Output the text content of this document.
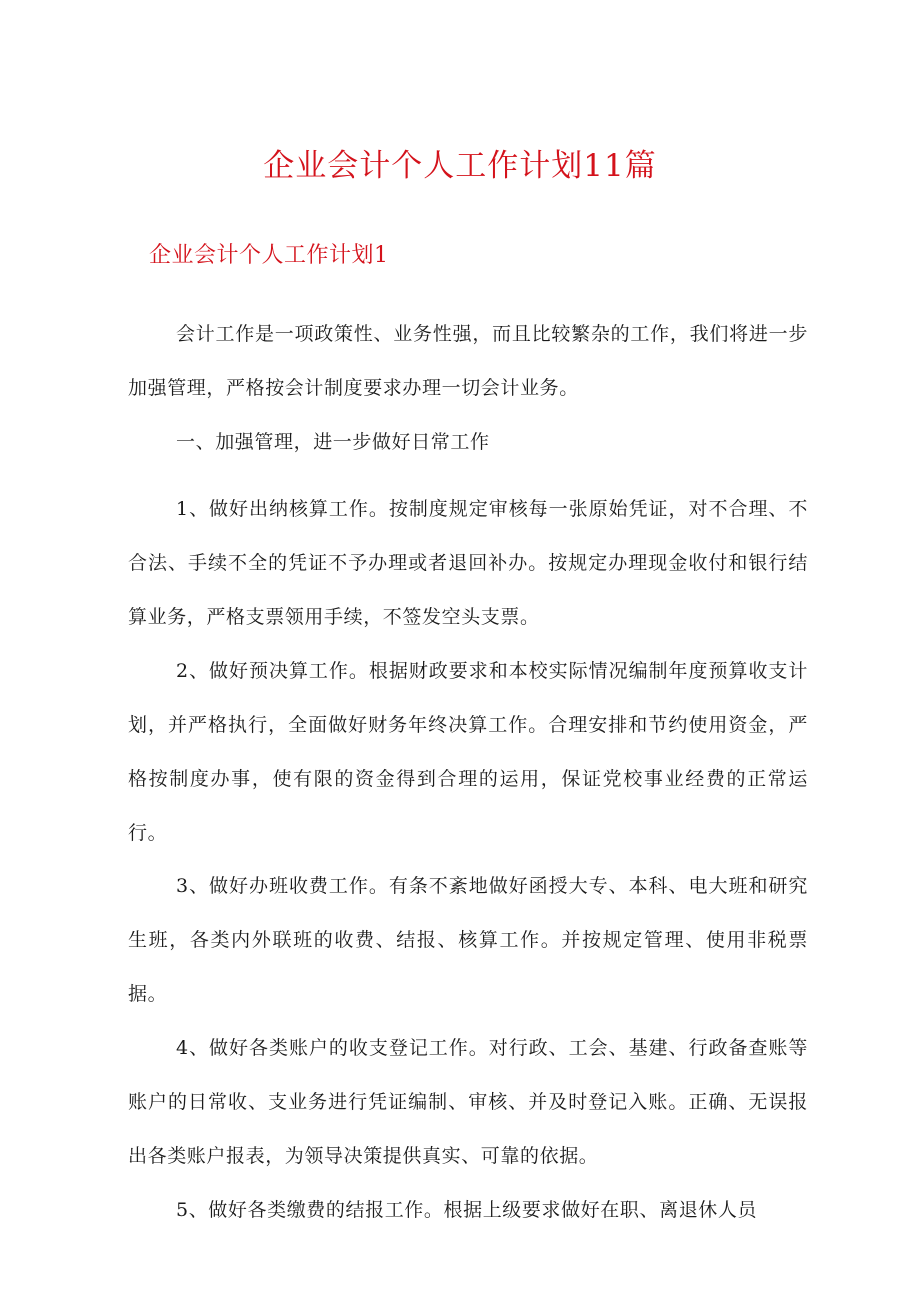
企业会计个人工作计划11篇
企业会计个人工作计划1

会计工作是一项政策性、业务性强，而且比较繁杂的工作，我们将进一步加强管理，严格按会计制度要求办理一切会计业务。

一、加强管理，进一步做好日常工作

1、做好出纳核算工作。按制度规定审核每一张原始凭证，对不合理、不合法、手续不全的凭证不予办理或者退回补办。按规定办理现金收付和银行结算业务，严格支票领用手续，不签发空头支票。

2、做好预决算工作。根据财政要求和本校实际情况编制年度预算收支计划，并严格执行，全面做好财务年终决算工作。合理安排和节约使用资金，严格按制度办事，使有限的资金得到合理的运用，保证党校事业经费的正常运行。

3、做好办班收费工作。有条不紊地做好函授大专、本科、电大班和研究生班，各类内外联班的收费、结报、核算工作。并按规定管理、使用非税票据。

4、做好各类账户的收支登记工作。对行政、工会、基建、行政备查账等账户的日常收、支业务进行凭证编制、审核、并及时登记入账。正确、无误报出各类账户报表，为领导决策提供真实、可靠的依据。

5、做好各类缴费的结报工作。根据上级要求做好在职、离退休人员
